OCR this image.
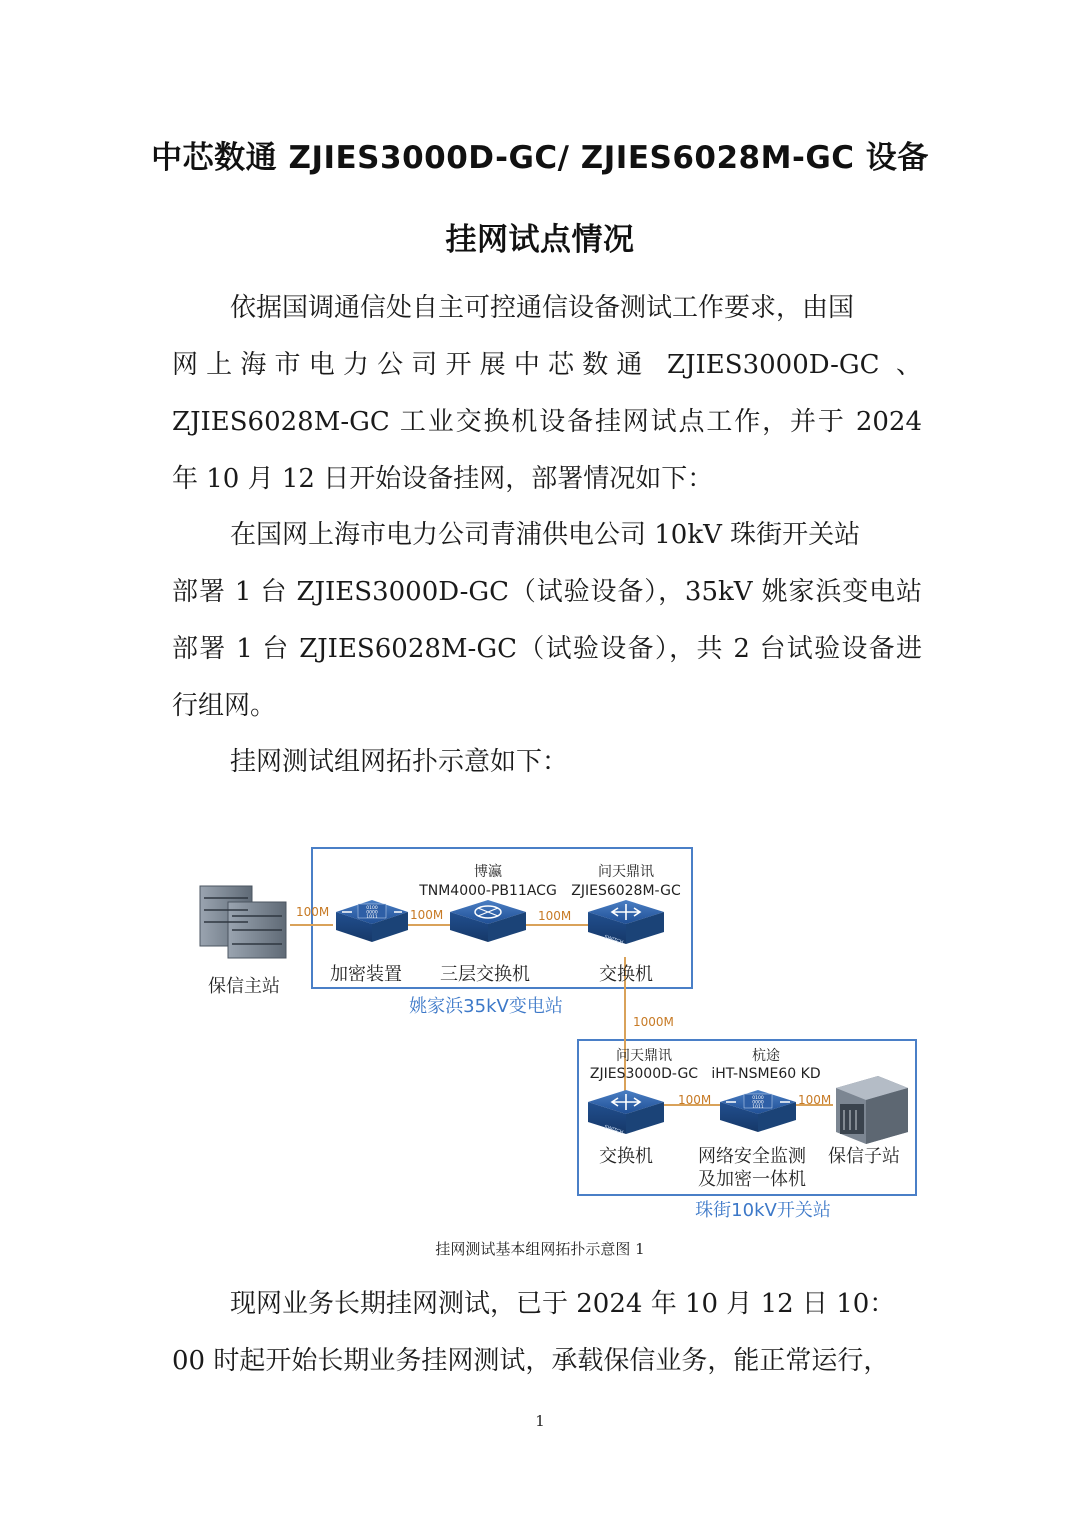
中芯数通 ZJIES3000D-GC/ ZJIES6028M-GC 设备
挂网试点情况
依据国调通信处自主可控通信设备测试工作要求，由国
网上海市电力公司开展中芯数通 ZJIES3000D-GC 、
ZJIES6028M-GC 工业交换机设备挂网试点工作，并于 2024
年 10 月 12 日开始设备挂网，部署情况如下：
在国网上海市电力公司青浦供电公司 10kV 珠街开关站
部署 1 台 ZJIES3000D-GC（试验设备），35kV 姚家浜变电站
部署 1 台 ZJIES6028M-GC（试验设备），共 2 台试验设备进
行组网。
挂网测试组网拓扑示意如下：
100M	100M	100M
1000M
100M	100M
保信主站
0100
0000
1011
加密装置
博瀛
TNM4000-PB11ACG
三层交换机
问天鼎讯
ZJIES6028M-GC
SWITCH
交换机
姚家浜35kV变电站
问天鼎讯
ZJIES3000D-GC
SWITCH
交换机
杭途
iHT-NSME60 KD
0100
0000
1011
网络安全监测
及加密一体机
保信子站
珠街10kV开关站
挂网测试基本组网拓扑示意图 1
现网业务长期挂网测试，已于 2024 年 10 月 12 日 10：
00 时起开始长期业务挂网测试，承载保信业务，能正常运行，
1
